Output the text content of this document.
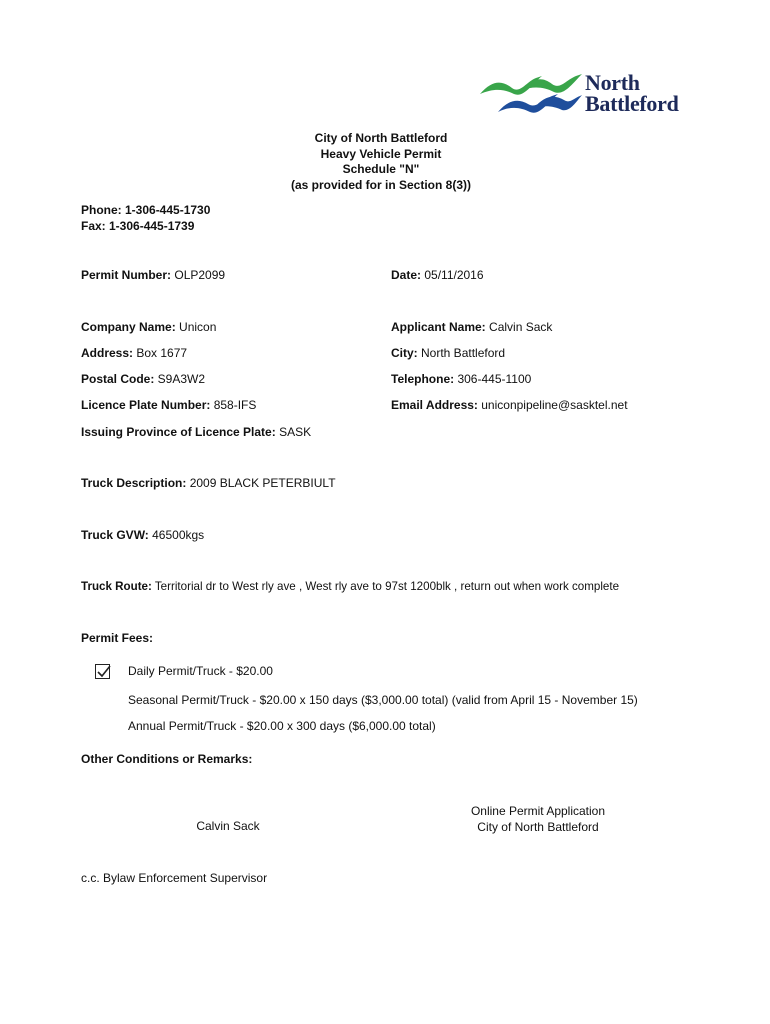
North
Battleford
City of North Battleford
Heavy Vehicle Permit
Schedule "N"
(as provided for in Section 8(3))
Phone: 1-306-445-1730
Fax: 1-306-445-1739
Permit Number: OLP2099	Date: 05/11/2016
Company Name: Unicon	Applicant Name: Calvin Sack
Address: Box 1677	City: North Battleford
Postal Code: S9A3W2	Telephone: 306-445-1100
Licence Plate Number: 858-IFS	Email Address: uniconpipeline@sasktel.net
Issuing Province of Licence Plate: SASK
Truck Description: 2009 BLACK PETERBIULT
Truck GVW: 46500kgs
Truck Route: Territorial dr to West rly ave , West rly ave to 97st 1200blk , return out when work complete
Permit Fees:
Daily Permit/Truck - $20.00
Seasonal Permit/Truck - $20.00 x 150 days ($3,000.00 total) (valid from April 15 - November 15)
Annual Permit/Truck - $20.00 x 300 days ($6,000.00 total)
Other Conditions or Remarks:
Calvin Sack
Online Permit Application
City of North Battleford
c.c. Bylaw Enforcement Supervisor
